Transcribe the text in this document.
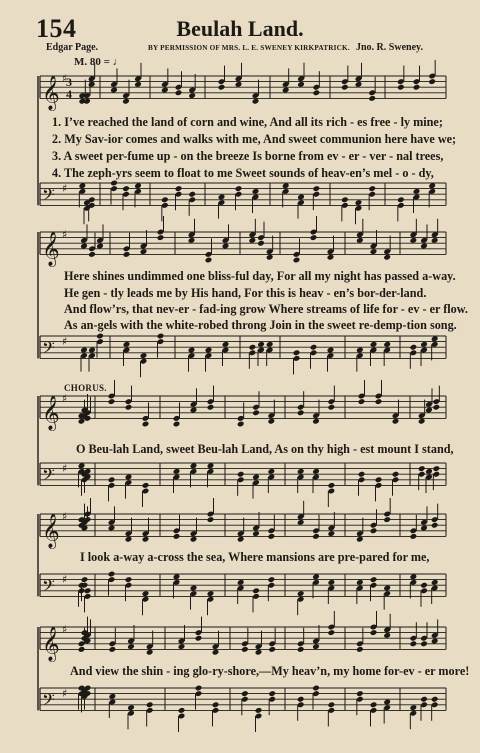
154	Beulah Land.
Edgar Page.	BY PERMISSION OF MRS. L. E. SWENEY KIRKPATRICK. Jno. R. Sweney.
M. 80 = ♩
CHORUS.
1. I’ve reached the land of corn and wine, And all its rich - es free - ly mine;
2. My Sav-ior comes and walks with me, And sweet communion here have we;
3. A sweet per-fume up - on the breeze Is borne from ev - er - ver - nal trees,
4. The zeph-yrs seem to float to me Sweet sounds of heav-en’s mel - o - dy,
Here shines undimmed one bliss-ful day, For all my night has passed a-way.
He gen - tly leads me by His hand, For this is heav - en’s bor-der-land.
And flow’rs, that nev-er - fad-ing grow Where streams of life for - ev - er flow.
As an-gels with the white-robed throng Join in the sweet re-demp-tion song.
O Beu-lah Land, sweet Beu-lah Land, As on thy high - est mount I stand,
I look a-way a-cross the sea, Where mansions are pre-pared for me,
And view the shin - ing glo-ry-shore,—My heav’n, my home for-ev - er more!
𝄞 ♯
𝄢 ♯
𝄞 ♯
𝄢 ♯
𝄞 ♯
𝄢 ♯
𝄞 ♯
𝄢 ♯
𝄞 ♯
𝄢 ♯
3
4
